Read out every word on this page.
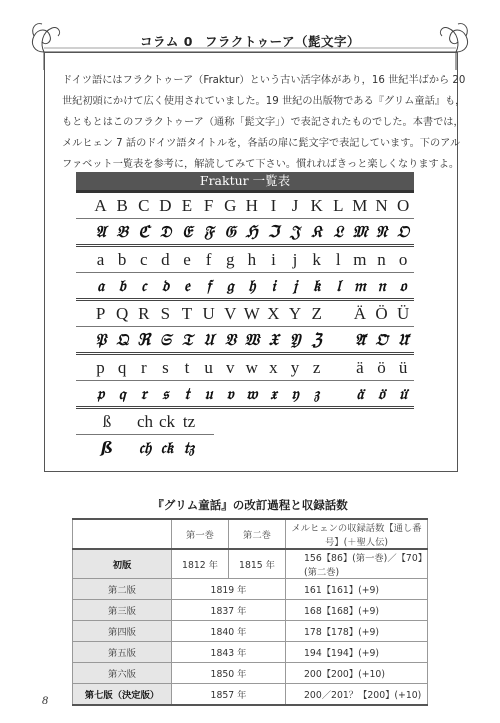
コラム 0 フラクトゥーア（髭文字）
ドイツ語にはフラクトゥーア（Fraktur）という古い活字体があり，16 世紀半ばから 20
世紀初頭にかけて広く使用されていました。19 世紀の出版物である『グリム童話』も，
もともとはこのフラクトゥーア（通称「髭文字」）で表記されたものでした。本書では，
メルヒェン 7 話のドイツ語タイトルを，各話の扉に髭文字で表記しています。下のアル
ファベット一覧表を参考に，解読してみて下さい。慣れればきっと楽しくなりますよ。
Fraktur 一覧表
A B C D E F G H I J K L M N O
𝔄 𝔅 ℭ 𝔇 𝔈 𝔉 𝔊 ℌ ℑ 𝔍 𝔎 𝔏 𝔐 𝔑 𝔒
a b c d e f g h i j k l m n o
𝔞 𝔟 𝔠 𝔡 𝔢	𝔣 𝔤 𝔥 𝔦	𝔧 𝔨 𝔩 𝔪 𝔫 𝔬
P Q R S T U V W X Y Z	Ä Ö Ü
𝔓 𝔔 ℜ 𝔖 𝔗 𝔘 𝔙 𝔚 𝔛 𝔜 ℨ	𝔄̈ 𝔒̈ 𝔘̈
p q r s t u v w x y z	ä ö ü
𝔭 𝔮 𝔯 𝔰	𝔱 𝔲 𝔳 𝔴 𝔵 𝔶 𝔷	𝔞̈ 𝔬̈ 𝔲̈
ß	ch ck tz
ß	𝔠𝔥 𝔠𝔨 𝔱𝔷
『グリム童話』の改訂過程と収録話数
	第一巻	第二巻	メルヒェンの収録話数【通し番号】(＋聖人伝)
初版	1812 年	1815 年	156【86】(第一巻)／【70】(第二巻)
第二版	1819 年		161【161】(+9)
第三版	1837 年		168【168】(+9)
第四版	1840 年		178【178】(+9)
第五版	1843 年		194【194】(+9)
第六版	1850 年		200【200】(+10)
第七版（決定版）	1857 年		200／201？【200】(+10)
8
